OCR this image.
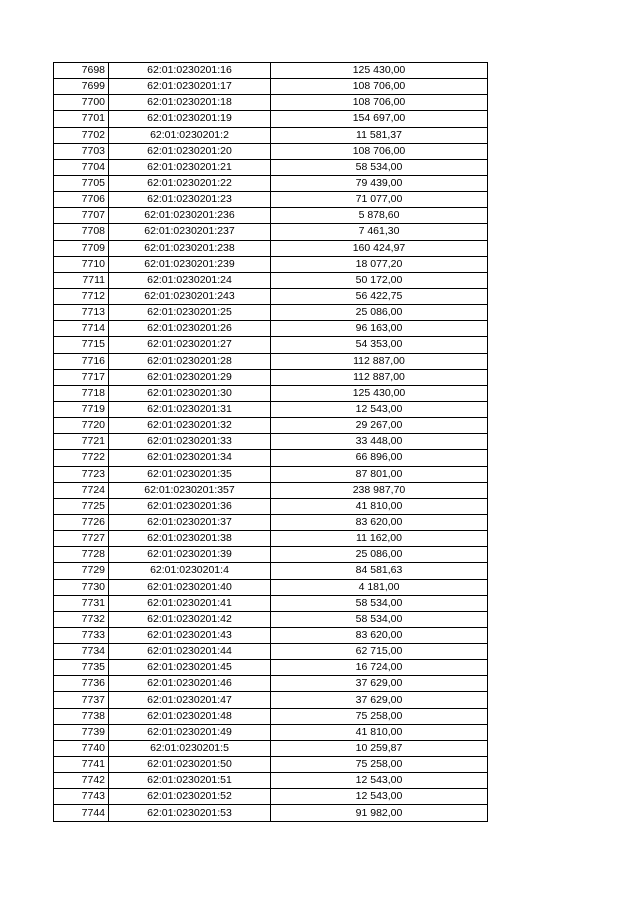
7698	62:01:0230201:16	125 430,00
7699	62:01:0230201:17	108 706,00
7700	62:01:0230201:18	108 706,00
7701	62:01:0230201:19	154 697,00
7702	62:01:0230201:2	11 581,37
7703	62:01:0230201:20	108 706,00
7704	62:01:0230201:21	58 534,00
7705	62:01:0230201:22	79 439,00
7706	62:01:0230201:23	71 077,00
7707	62:01:0230201:236	5 878,60
7708	62:01:0230201:237	7 461,30
7709	62:01:0230201:238	160 424,97
7710	62:01:0230201:239	18 077,20
7711	62:01:0230201:24	50 172,00
7712	62:01:0230201:243	56 422,75
7713	62:01:0230201:25	25 086,00
7714	62:01:0230201:26	96 163,00
7715	62:01:0230201:27	54 353,00
7716	62:01:0230201:28	112 887,00
7717	62:01:0230201:29	112 887,00
7718	62:01:0230201:30	125 430,00
7719	62:01:0230201:31	12 543,00
7720	62:01:0230201:32	29 267,00
7721	62:01:0230201:33	33 448,00
7722	62:01:0230201:34	66 896,00
7723	62:01:0230201:35	87 801,00
7724	62:01:0230201:357	238 987,70
7725	62:01:0230201:36	41 810,00
7726	62:01:0230201:37	83 620,00
7727	62:01:0230201:38	11 162,00
7728	62:01:0230201:39	25 086,00
7729	62:01:0230201:4	84 581,63
7730	62:01:0230201:40	4 181,00
7731	62:01:0230201:41	58 534,00
7732	62:01:0230201:42	58 534,00
7733	62:01:0230201:43	83 620,00
7734	62:01:0230201:44	62 715,00
7735	62:01:0230201:45	16 724,00
7736	62:01:0230201:46	37 629,00
7737	62:01:0230201:47	37 629,00
7738	62:01:0230201:48	75 258,00
7739	62:01:0230201:49	41 810,00
7740	62:01:0230201:5	10 259,87
7741	62:01:0230201:50	75 258,00
7742	62:01:0230201:51	12 543,00
7743	62:01:0230201:52	12 543,00
7744	62:01:0230201:53	91 982,00
